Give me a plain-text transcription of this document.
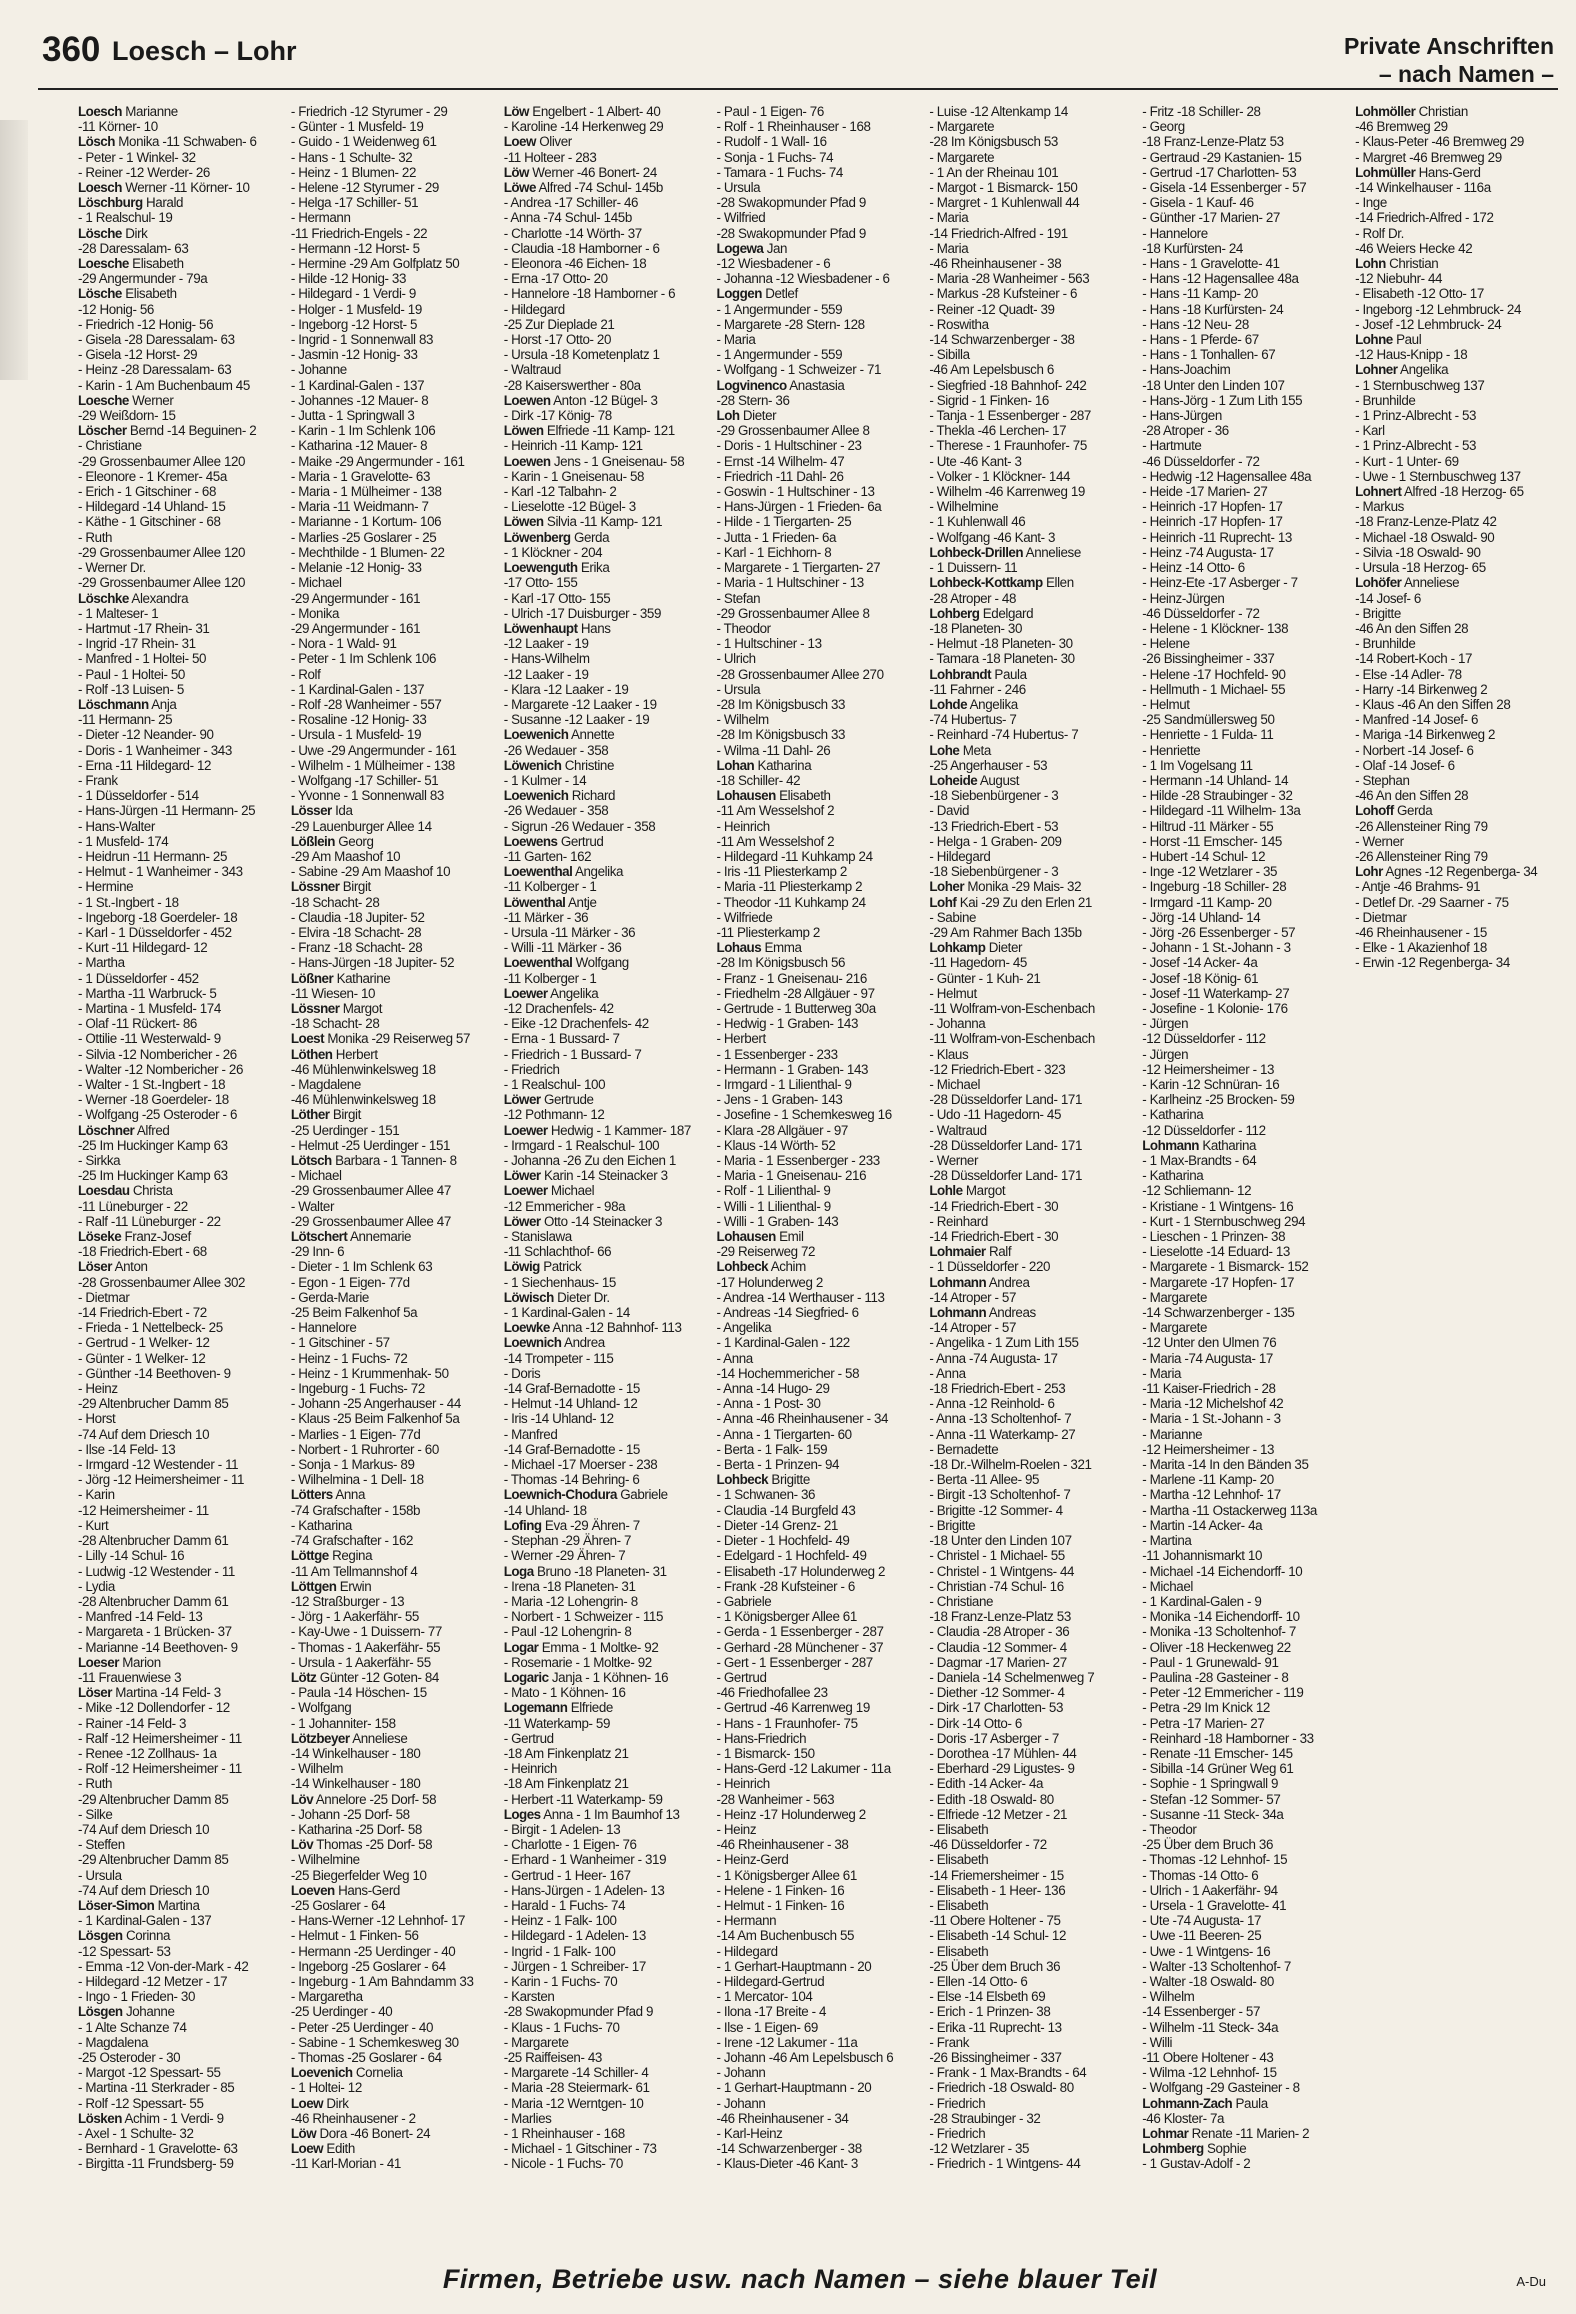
360 Loesch – Lohr	Private Anschriften
– nach Namen –
Loesch Marianne
-11 Körner- 10
Lösch Monika -11 Schwaben- 6
- Peter - 1 Winkel- 32
- Reiner -12 Werder- 26
Loesch Werner -11 Körner- 10
Löschburg Harald
- 1 Realschul- 19
Lösche Dirk
-28 Daressalam- 63
Loesche Elisabeth
-29 Angermunder - 79a
Lösche Elisabeth
-12 Honig- 56
- Friedrich -12 Honig- 56
- Gisela -28 Daressalam- 63
- Gisela -12 Horst- 29
- Heinz -28 Daressalam- 63
- Karin - 1 Am Buchenbaum 45
Loesche Werner
-29 Weißdorn- 15
Löscher Bernd -14 Beguinen- 2
- Christiane
-29 Grossenbaumer Allee 120
- Eleonore - 1 Kremer- 45a
- Erich - 1 Gitschiner - 68
- Hildegard -14 Uhland- 15
- Käthe - 1 Gitschiner - 68
- Ruth
-29 Grossenbaumer Allee 120
- Werner Dr.
-29 Grossenbaumer Allee 120
Löschke Alexandra
- 1 Malteser- 1
- Hartmut -17 Rhein- 31
- Ingrid -17 Rhein- 31
- Manfred - 1 Holtei- 50
- Paul - 1 Holtei- 50
- Rolf -13 Luisen- 5
Löschmann Anja
-11 Hermann- 25
- Dieter -12 Neander- 90
- Doris - 1 Wanheimer - 343
- Erna -11 Hildegard- 12
- Frank
- 1 Düsseldorfer - 514
- Hans-Jürgen -11 Hermann- 25
- Hans-Walter
- 1 Musfeld- 174
- Heidrun -11 Hermann- 25
- Helmut - 1 Wanheimer - 343
- Hermine
- 1 St.-Ingbert - 18
- Ingeborg -18 Goerdeler- 18
- Karl - 1 Düsseldorfer - 452
- Kurt -11 Hildegard- 12
- Martha
- 1 Düsseldorfer - 452
- Martha -11 Warbruck- 5
- Martina - 1 Musfeld- 174
- Olaf -11 Rückert- 86
- Ottilie -11 Westerwald- 9
- Silvia -12 Nombericher - 26
- Walter -12 Nombericher - 26
- Walter - 1 St.-Ingbert - 18
- Werner -18 Goerdeler- 18
- Wolfgang -25 Osteroder - 6
Löschner Alfred
-25 Im Huckinger Kamp 63
- Sirkka
-25 Im Huckinger Kamp 63
Loesdau Christa
-11 Lüneburger - 22
- Ralf -11 Lüneburger - 22
Löseke Franz-Josef
-18 Friedrich-Ebert - 68
Löser Anton
-28 Grossenbaumer Allee 302
- Dietmar
-14 Friedrich-Ebert - 72
- Frieda - 1 Nettelbeck- 25
- Gertrud - 1 Welker- 12
- Günter - 1 Welker- 12
- Günther -14 Beethoven- 9
- Heinz
-29 Altenbrucher Damm 85
- Horst
-74 Auf dem Driesch 10
- Ilse -14 Feld- 13
- Irmgard -12 Westender - 11
- Jörg -12 Heimersheimer - 11
- Karin
-12 Heimersheimer - 11
- Kurt
-28 Altenbrucher Damm 61
- Lilly -14 Schul- 16
- Ludwig -12 Westender - 11
- Lydia
-28 Altenbrucher Damm 61
- Manfred -14 Feld- 13
- Margareta - 1 Brücken- 37
- Marianne -14 Beethoven- 9
Loeser Marion
-11 Frauenwiese 3
Löser Martina -14 Feld- 3
- Mike -12 Dollendorfer - 12
- Rainer -14 Feld- 3
- Ralf -12 Heimersheimer - 11
- Renee -12 Zollhaus- 1a
- Rolf -12 Heimersheimer - 11
- Ruth
-29 Altenbrucher Damm 85
- Silke
-74 Auf dem Driesch 10
- Steffen
-29 Altenbrucher Damm 85
- Ursula
-74 Auf dem Driesch 10
Löser-Simon Martina
- 1 Kardinal-Galen - 137
Lösgen Corinna
-12 Spessart- 53
- Emma -12 Von-der-Mark - 42
- Hildegard -12 Metzer - 17
- Ingo - 1 Frieden- 30
Lösgen Johanne
- 1 Alte Schanze 74
- Magdalena
-25 Osteroder - 30
- Margot -12 Spessart- 55
- Martina -11 Sterkrader - 85
- Rolf -12 Spessart- 55
Lösken Achim - 1 Verdi- 9
- Axel - 1 Schulte- 32
- Bernhard - 1 Gravelotte- 63
- Birgitta -11 Frundsberg- 59
- Friedrich -12 Styrumer - 29
- Günter - 1 Musfeld- 19
- Guido - 1 Weidenweg 61
- Hans - 1 Schulte- 32
- Heinz - 1 Blumen- 22
- Helene -12 Styrumer - 29
- Helga -17 Schiller- 51
- Hermann
-11 Friedrich-Engels - 22
- Hermann -12 Horst- 5
- Hermine -29 Am Golfplatz 50
- Hilde -12 Honig- 33
- Hildegard - 1 Verdi- 9
- Holger - 1 Musfeld- 19
- Ingeborg -12 Horst- 5
- Ingrid - 1 Sonnenwall 83
- Jasmin -12 Honig- 33
- Johanne
- 1 Kardinal-Galen - 137
- Johannes -12 Mauer- 8
- Jutta - 1 Springwall 3
- Karin - 1 Im Schlenk 106
- Katharina -12 Mauer- 8
- Maike -29 Angermunder - 161
- Maria - 1 Gravelotte- 63
- Maria - 1 Mülheimer - 138
- Maria -11 Weidmann- 7
- Marianne - 1 Kortum- 106
- Marlies -25 Goslarer - 25
- Mechthilde - 1 Blumen- 22
- Melanie -12 Honig- 33
- Michael
-29 Angermunder - 161
- Monika
-29 Angermunder - 161
- Nora - 1 Wald- 91
- Peter - 1 Im Schlenk 106
- Rolf
- 1 Kardinal-Galen - 137
- Rolf -28 Wanheimer - 557
- Rosaline -12 Honig- 33
- Ursula - 1 Musfeld- 19
- Uwe -29 Angermunder - 161
- Wilhelm - 1 Mülheimer - 138
- Wolfgang -17 Schiller- 51
- Yvonne - 1 Sonnenwall 83
Lösser Ida
-29 Lauenburger Allee 14
Lößlein Georg
-29 Am Maashof 10
- Sabine -29 Am Maashof 10
Lössner Birgit
-18 Schacht- 28
- Claudia -18 Jupiter- 52
- Elvira -18 Schacht- 28
- Franz -18 Schacht- 28
- Hans-Jürgen -18 Jupiter- 52
Lößner Katharine
-11 Wiesen- 10
Lössner Margot
-18 Schacht- 28
Loest Monika -29 Reiserweg 57
Löthen Herbert
-46 Mühlenwinkelsweg 18
- Magdalene
-46 Mühlenwinkelsweg 18
Löther Birgit
-25 Uerdinger - 151
- Helmut -25 Uerdinger - 151
Lötsch Barbara - 1 Tannen- 8
- Michael
-29 Grossenbaumer Allee 47
- Walter
-29 Grossenbaumer Allee 47
Lötschert Annemarie
-29 Inn- 6
- Dieter - 1 Im Schlenk 63
- Egon - 1 Eigen- 77d
- Gerda-Marie
-25 Beim Falkenhof 5a
- Hannelore
- 1 Gitschiner - 57
- Heinz - 1 Fuchs- 72
- Heinz - 1 Krummenhak- 50
- Ingeburg - 1 Fuchs- 72
- Johann -25 Angerhauser - 44
- Klaus -25 Beim Falkenhof 5a
- Marlies - 1 Eigen- 77d
- Norbert - 1 Ruhrorter - 60
- Sonja - 1 Markus- 89
- Wilhelmina - 1 Dell- 18
Lötters Anna
-74 Grafschafter - 158b
- Katharina
-74 Grafschafter - 162
Löttge Regina
-11 Am Tellmannshof 4
Löttgen Erwin
-12 Straßburger - 13
- Jörg - 1 Aakerfähr- 55
- Kay-Uwe - 1 Duissern- 77
- Thomas - 1 Aakerfähr- 55
- Ursula - 1 Aakerfähr- 55
Lötz Günter -12 Goten- 84
- Paula -14 Höschen- 15
- Wolfgang
- 1 Johanniter- 158
Lötzbeyer Anneliese
-14 Winkelhauser - 180
- Wilhelm
-14 Winkelhauser - 180
Löv Annelore -25 Dorf- 58
- Johann -25 Dorf- 58
- Katharina -25 Dorf- 58
Löv Thomas -25 Dorf- 58
- Wilhelmine
-25 Biegerfelder Weg 10
Loeven Hans-Gerd
-25 Goslarer - 64
- Hans-Werner -12 Lehnhof- 17
- Helmut - 1 Finken- 56
- Hermann -25 Uerdinger - 40
- Ingeborg -25 Goslarer - 64
- Ingeburg - 1 Am Bahndamm 33
- Margaretha
-25 Uerdinger - 40
- Peter -25 Uerdinger - 40
- Sabine - 1 Schemkesweg 30
- Thomas -25 Goslarer - 64
Loevenich Cornelia
- 1 Holtei- 12
Loew Dirk
-46 Rheinhausener - 2
Löw Dora -46 Bonert- 24
Loew Edith
-11 Karl-Morian - 41
Löw Engelbert - 1 Albert- 40
- Karoline -14 Herkenweg 29
Loew Oliver
-11 Holteer - 283
Löw Werner -46 Bonert- 24
Löwe Alfred -74 Schul- 145b
- Andrea -17 Schiller- 46
- Anna -74 Schul- 145b
- Charlotte -14 Wörth- 37
- Claudia -18 Hamborner - 6
- Eleonora -46 Eichen- 18
- Erna -17 Otto- 20
- Hannelore -18 Hamborner - 6
- Hildegard
-25 Zur Dieplade 21
- Horst -17 Otto- 20
- Ursula -18 Kometenplatz 1
- Waltraud
-28 Kaiserswerther - 80a
Loewen Anton -12 Bügel- 3
- Dirk -17 König- 78
Löwen Elfriede -11 Kamp- 121
- Heinrich -11 Kamp- 121
Loewen Jens - 1 Gneisenau- 58
- Karin - 1 Gneisenau- 58
- Karl -12 Talbahn- 2
- Lieselotte -12 Bügel- 3
Löwen Silvia -11 Kamp- 121
Löwenberg Gerda
- 1 Klöckner - 204
Loewenguth Erika
-17 Otto- 155
- Karl -17 Otto- 155
- Ulrich -17 Duisburger - 359
Löwenhaupt Hans
-12 Laaker - 19
- Hans-Wilhelm
-12 Laaker - 19
- Klara -12 Laaker - 19
- Margarete -12 Laaker - 19
- Susanne -12 Laaker - 19
Loewenich Annette
-26 Wedauer - 358
Löwenich Christine
- 1 Kulmer - 14
Loewenich Richard
-26 Wedauer - 358
- Sigrun -26 Wedauer - 358
Loewens Gertrud
-11 Garten- 162
Loewenthal Angelika
-11 Kolberger - 1
Löwenthal Antje
-11 Märker - 36
- Ursula -11 Märker - 36
- Willi -11 Märker - 36
Loewenthal Wolfgang
-11 Kolberger - 1
Loewer Angelika
-12 Drachenfels- 42
- Eike -12 Drachenfels- 42
- Erna - 1 Bussard- 7
- Friedrich - 1 Bussard- 7
- Friedrich
- 1 Realschul- 100
Löwer Gertrude
-12 Pothmann- 12
Loewer Hedwig - 1 Kammer- 187
- Irmgard - 1 Realschul- 100
- Johanna -26 Zu den Eichen 1
Löwer Karin -14 Steinacker 3
Loewer Michael
-12 Emmericher - 98a
Löwer Otto -14 Steinacker 3
- Stanislawa
-11 Schlachthof- 66
Löwig Patrick
- 1 Siechenhaus- 15
Löwisch Dieter Dr.
- 1 Kardinal-Galen - 14
Loewke Anna -12 Bahnhof- 113
Loewnich Andrea
-14 Trompeter - 115
- Doris
-14 Graf-Bernadotte - 15
- Helmut -14 Uhland- 12
- Iris -14 Uhland- 12
- Manfred
-14 Graf-Bernadotte - 15
- Michael -17 Moerser - 238
- Thomas -14 Behring- 6
Loewnich-Chodura Gabriele
-14 Uhland- 18
Lofing Eva -29 Ähren- 7
- Stephan -29 Ähren- 7
- Werner -29 Ähren- 7
Loga Bruno -18 Planeten- 31
- Irena -18 Planeten- 31
- Maria -12 Lohengrin- 8
- Norbert - 1 Schweizer - 115
- Paul -12 Lohengrin- 8
Logar Emma - 1 Moltke- 92
- Rosemarie - 1 Moltke- 92
Logaric Janja - 1 Köhnen- 16
- Mato - 1 Köhnen- 16
Logemann Elfriede
-11 Waterkamp- 59
- Gertrud
-18 Am Finkenplatz 21
- Heinrich
-18 Am Finkenplatz 21
- Herbert -11 Waterkamp- 59
Loges Anna - 1 Im Baumhof 13
- Birgit - 1 Adelen- 13
- Charlotte - 1 Eigen- 76
- Erhard - 1 Wanheimer - 319
- Gertrud - 1 Heer- 167
- Hans-Jürgen - 1 Adelen- 13
- Harald - 1 Fuchs- 74
- Heinz - 1 Falk- 100
- Hildegard - 1 Adelen- 13
- Ingrid - 1 Falk- 100
- Jürgen - 1 Schreiber- 17
- Karin - 1 Fuchs- 70
- Karsten
-28 Swakopmunder Pfad 9
- Klaus - 1 Fuchs- 70
- Margarete
-25 Raiffeisen- 43
- Margarete -14 Schiller- 4
- Maria -28 Steiermark- 61
- Maria -12 Werntgen- 10
- Marlies
- 1 Rheinhauser - 168
- Michael - 1 Gitschiner - 73
- Nicole - 1 Fuchs- 70
- Paul - 1 Eigen- 76
- Rolf - 1 Rheinhauser - 168
- Rudolf - 1 Wall- 16
- Sonja - 1 Fuchs- 74
- Tamara - 1 Fuchs- 74
- Ursula
-28 Swakopmunder Pfad 9
- Wilfried
-28 Swakopmunder Pfad 9
Logewa Jan
-12 Wiesbadener - 6
- Johanna -12 Wiesbadener - 6
Loggen Detlef
- 1 Angermunder - 559
- Margarete -28 Stern- 128
- Maria
- 1 Angermunder - 559
- Wolfgang - 1 Schweizer - 71
Logvinenco Anastasia
-28 Stern- 36
Loh Dieter
-29 Grossenbaumer Allee 8
- Doris - 1 Hultschiner - 23
- Ernst -14 Wilhelm- 47
- Friedrich -11 Dahl- 26
- Goswin - 1 Hultschiner - 13
- Hans-Jürgen - 1 Frieden- 6a
- Hilde - 1 Tiergarten- 25
- Jutta - 1 Frieden- 6a
- Karl - 1 Eichhorn- 8
- Margarete - 1 Tiergarten- 27
- Maria - 1 Hultschiner - 13
- Stefan
-29 Grossenbaumer Allee 8
- Theodor
- 1 Hultschiner - 13
- Ulrich
-28 Grossenbaumer Allee 270
- Ursula
-28 Im Königsbusch 33
- Wilhelm
-28 Im Königsbusch 33
- Wilma -11 Dahl- 26
Lohan Katharina
-18 Schiller- 42
Lohausen Elisabeth
-11 Am Wesselshof 2
- Heinrich
-11 Am Wesselshof 2
- Hildegard -11 Kuhkamp 24
- Iris -11 Pliesterkamp 2
- Maria -11 Pliesterkamp 2
- Theodor -11 Kuhkamp 24
- Wilfriede
-11 Pliesterkamp 2
Lohaus Emma
-28 Im Königsbusch 56
- Franz - 1 Gneisenau- 216
- Friedhelm -28 Allgäuer - 97
- Gertrude - 1 Butterweg 30a
- Hedwig - 1 Graben- 143
- Herbert
- 1 Essenberger - 233
- Hermann - 1 Graben- 143
- Irmgard - 1 Lilienthal- 9
- Jens - 1 Graben- 143
- Josefine - 1 Schemkesweg 16
- Klara -28 Allgäuer - 97
- Klaus -14 Wörth- 52
- Maria - 1 Essenberger - 233
- Maria - 1 Gneisenau- 216
- Rolf - 1 Lilienthal- 9
- Willi - 1 Lilienthal- 9
- Willi - 1 Graben- 143
Lohausen Emil
-29 Reiserweg 72
Lohbeck Achim
-17 Holunderweg 2
- Andrea -14 Werthauser - 113
- Andreas -14 Siegfried- 6
- Angelika
- 1 Kardinal-Galen - 122
- Anna
-14 Hochemmericher - 58
- Anna -14 Hugo- 29
- Anna - 1 Post- 30
- Anna -46 Rheinhausener - 34
- Anna - 1 Tiergarten- 60
- Berta - 1 Falk- 159
- Berta - 1 Prinzen- 94
Lohbeck Brigitte
- 1 Schwanen- 36
- Claudia -14 Burgfeld 43
- Dieter -14 Grenz- 21
- Dieter - 1 Hochfeld- 49
- Edelgard - 1 Hochfeld- 49
- Elisabeth -17 Holunderweg 2
- Frank -28 Kufsteiner - 6
- Gabriele
- 1 Königsberger Allee 61
- Gerda - 1 Essenberger - 287
- Gerhard -28 Münchener - 37
- Gert - 1 Essenberger - 287
- Gertrud
-46 Friedhofallee 23
- Gertrud -46 Karrenweg 19
- Hans - 1 Fraunhofer- 75
- Hans-Friedrich
- 1 Bismarck- 150
- Hans-Gerd -12 Lakumer - 11a
- Heinrich
-28 Wanheimer - 563
- Heinz -17 Holunderweg 2
- Heinz
-46 Rheinhausener - 38
- Heinz-Gerd
- 1 Königsberger Allee 61
- Helene - 1 Finken- 16
- Helmut - 1 Finken- 16
- Hermann
-14 Am Buchenbusch 55
- Hildegard
- 1 Gerhart-Hauptmann - 20
- Hildegard-Gertrud
- 1 Mercator- 104
- Ilona -17 Breite - 4
- Ilse - 1 Eigen- 69
- Irene -12 Lakumer - 11a
- Johann -46 Am Lepelsbusch 6
- Johann
- 1 Gerhart-Hauptmann - 20
- Johann
-46 Rheinhausener - 34
- Karl-Heinz
-14 Schwarzenberger - 38
- Klaus-Dieter -46 Kant- 3
- Luise -12 Altenkamp 14
- Margarete
-28 Im Königsbusch 53
- Margarete
- 1 An der Rheinau 101
- Margot - 1 Bismarck- 150
- Margret - 1 Kuhlenwall 44
- Maria
-14 Friedrich-Alfred - 191
- Maria
-46 Rheinhausener - 38
- Maria -28 Wanheimer - 563
- Markus -28 Kufsteiner - 6
- Reiner -12 Quadt- 39
- Roswitha
-14 Schwarzenberger - 38
- Sibilla
-46 Am Lepelsbusch 6
- Siegfried -18 Bahnhof- 242
- Sigrid - 1 Finken- 16
- Tanja - 1 Essenberger - 287
- Thekla -46 Lerchen- 17
- Therese - 1 Fraunhofer- 75
- Ute -46 Kant- 3
- Volker - 1 Klöckner- 144
- Wilhelm -46 Karrenweg 19
- Wilhelmine
- 1 Kuhlenwall 46
- Wolfgang -46 Kant- 3
Lohbeck-Drillen Anneliese
- 1 Duissern- 11
Lohbeck-Kottkamp Ellen
-28 Atroper - 48
Lohberg Edelgard
-18 Planeten- 30
- Helmut -18 Planeten- 30
- Tamara -18 Planeten- 30
Lohbrandt Paula
-11 Fahrner - 246
Lohde Angelika
-74 Hubertus- 7
- Reinhard -74 Hubertus- 7
Lohe Meta
-25 Angerhauser - 53
Loheide August
-18 Siebenbürgener - 3
- David
-13 Friedrich-Ebert - 53
- Helga - 1 Graben- 209
- Hildegard
-18 Siebenbürgener - 3
Loher Monika -29 Mais- 32
Lohf Kai -29 Zu den Erlen 21
- Sabine
-29 Am Rahmer Bach 135b
Lohkamp Dieter
-11 Hagedorn- 45
- Günter - 1 Kuh- 21
- Helmut
-11 Wolfram-von-Eschenbach
- Johanna
-11 Wolfram-von-Eschenbach
- Klaus
-12 Friedrich-Ebert - 323
- Michael
-28 Düsseldorfer Land- 171
- Udo -11 Hagedorn- 45
- Waltraud
-28 Düsseldorfer Land- 171
- Werner
-28 Düsseldorfer Land- 171
Lohle Margot
-14 Friedrich-Ebert - 30
- Reinhard
-14 Friedrich-Ebert - 30
Lohmaier Ralf
- 1 Düsseldorfer - 220
Lohmann Andrea
-14 Atroper - 57
Lohmann Andreas
-14 Atroper - 57
- Angelika - 1 Zum Lith 155
- Anna -74 Augusta- 17
- Anna
-18 Friedrich-Ebert - 253
- Anna -12 Reinhold- 6
- Anna -13 Scholtenhof- 7
- Anna -11 Waterkamp- 27
- Bernadette
-18 Dr.-Wilhelm-Roelen - 321
- Berta -11 Allee- 95
- Birgit -13 Scholtenhof- 7
- Brigitte -12 Sommer- 4
- Brigitte
-18 Unter den Linden 107
- Christel - 1 Michael- 55
- Christel - 1 Wintgens- 44
- Christian -74 Schul- 16
- Christiane
-18 Franz-Lenze-Platz 53
- Claudia -28 Atroper - 36
- Claudia -12 Sommer- 4
- Dagmar -17 Marien- 27
- Daniela -14 Schelmenweg 7
- Diether -12 Sommer- 4
- Dirk -17 Charlotten- 53
- Dirk -14 Otto- 6
- Doris -17 Asberger - 7
- Dorothea -17 Mühlen- 44
- Eberhard -29 Ligustes- 9
- Edith -14 Acker- 4a
- Edith -18 Oswald- 80
- Elfriede -12 Metzer - 21
- Elisabeth
-46 Düsseldorfer - 72
- Elisabeth
-14 Friemersheimer - 15
- Elisabeth - 1 Heer- 136
- Elisabeth
-11 Obere Holtener - 75
- Elisabeth -14 Schul- 12
- Elisabeth
-25 Über dem Bruch 36
- Ellen -14 Otto- 6
- Else -14 Elsbeth 69
- Erich - 1 Prinzen- 38
- Erika -11 Ruprecht- 13
- Frank
-26 Bissingheimer - 337
- Frank - 1 Max-Brandts - 64
- Friedrich -18 Oswald- 80
- Friedrich
-28 Straubinger - 32
- Friedrich
-12 Wetzlarer - 35
- Friedrich - 1 Wintgens- 44
- Fritz -18 Schiller- 28
- Georg
-18 Franz-Lenze-Platz 53
- Gertraud -29 Kastanien- 15
- Gertrud -17 Charlotten- 53
- Gisela -14 Essenberger - 57
- Gisela - 1 Kauf- 46
- Günther -17 Marien- 27
- Hannelore
-18 Kurfürsten- 24
- Hans - 1 Gravelotte- 41
- Hans -12 Hagensallee 48a
- Hans -11 Kamp- 20
- Hans -18 Kurfürsten- 24
- Hans -12 Neu- 28
- Hans - 1 Pferde- 67
- Hans - 1 Tonhallen- 67
- Hans-Joachim
-18 Unter den Linden 107
- Hans-Jörg - 1 Zum Lith 155
- Hans-Jürgen
-28 Atroper - 36
- Hartmute
-46 Düsseldorfer - 72
- Hedwig -12 Hagensallee 48a
- Heide -17 Marien- 27
- Heinrich -17 Hopfen- 17
- Heinrich -17 Hopfen- 17
- Heinrich -11 Ruprecht- 13
- Heinz -74 Augusta- 17
- Heinz -14 Otto- 6
- Heinz-Ete -17 Asberger - 7
- Heinz-Jürgen
-46 Düsseldorfer - 72
- Helene - 1 Klöckner- 138
- Helene
-26 Bissingheimer - 337
- Helene -17 Hochfeld- 90
- Hellmuth - 1 Michael- 55
- Helmut
-25 Sandmüllersweg 50
- Henriette - 1 Fulda- 11
- Henriette
- 1 Im Vogelsang 11
- Hermann -14 Uhland- 14
- Hilde -28 Straubinger - 32
- Hildegard -11 Wilhelm- 13a
- Hiltrud -11 Märker - 55
- Horst -11 Emscher- 145
- Hubert -14 Schul- 12
- Inge -12 Wetzlarer - 35
- Ingeburg -18 Schiller- 28
- Irmgard -11 Kamp- 20
- Jörg -14 Uhland- 14
- Jörg -26 Essenberger - 57
- Johann - 1 St.-Johann - 3
- Josef -14 Acker- 4a
- Josef -18 König- 61
- Josef -11 Waterkamp- 27
- Josefine - 1 Kolonie- 176
- Jürgen
-12 Düsseldorfer - 112
- Jürgen
-12 Heimersheimer - 13
- Karin -12 Schnüran- 16
- Karlheinz -25 Brocken- 59
- Katharina
-12 Düsseldorfer - 112
Lohmann Katharina
- 1 Max-Brandts - 64
- Katharina
-12 Schliemann- 12
- Kristiane - 1 Wintgens- 16
- Kurt - 1 Sternbuschweg 294
- Lieschen - 1 Prinzen- 38
- Lieselotte -14 Eduard- 13
- Margarete - 1 Bismarck- 152
- Margarete -17 Hopfen- 17
- Margarete
-14 Schwarzenberger - 135
- Margarete
-12 Unter den Ulmen 76
- Maria -74 Augusta- 17
- Maria
-11 Kaiser-Friedrich - 28
- Maria -12 Michelshof 42
- Maria - 1 St.-Johann - 3
- Marianne
-12 Heimersheimer - 13
- Marita -14 In den Bänden 35
- Marlene -11 Kamp- 20
- Martha -12 Lehnhof- 17
- Martha -11 Ostackerweg 113a
- Martin -14 Acker- 4a
- Martina
-11 Johannismarkt 10
- Michael -14 Eichendorff- 10
- Michael
- 1 Kardinal-Galen - 9
- Monika -14 Eichendorff- 10
- Monika -13 Scholtenhof- 7
- Oliver -18 Heckenweg 22
- Paul - 1 Grunewald- 91
- Paulina -28 Gasteiner - 8
- Peter -12 Emmericher - 119
- Petra -29 Im Knick 12
- Petra -17 Marien- 27
- Reinhard -18 Hamborner - 33
- Renate -11 Emscher- 145
- Sibilla -14 Grüner Weg 61
- Sophie - 1 Springwall 9
- Stefan -12 Sommer- 57
- Susanne -11 Steck- 34a
- Theodor
-25 Über dem Bruch 36
- Thomas -12 Lehnhof- 15
- Thomas -14 Otto- 6
- Ulrich - 1 Aakerfähr- 94
- Ursela - 1 Gravelotte- 41
- Ute -74 Augusta- 17
- Uwe -11 Beeren- 25
- Uwe - 1 Wintgens- 16
- Walter -13 Scholtenhof- 7
- Walter -18 Oswald- 80
- Wilhelm
-14 Essenberger - 57
- Wilhelm -11 Steck- 34a
- Willi
-11 Obere Holtener - 43
- Wilma -12 Lehnhof- 15
- Wolfgang -29 Gasteiner - 8
Lohmann-Zach Paula
-46 Kloster- 7a
Lohmar Renate -11 Marien- 2
Lohmberg Sophie
- 1 Gustav-Adolf - 2
Lohmöller Christian
-46 Bremweg 29
- Klaus-Peter -46 Bremweg 29
- Margret -46 Bremweg 29
Lohmüller Hans-Gerd
-14 Winkelhauser - 116a
- Inge
-14 Friedrich-Alfred - 172
- Rolf Dr.
-46 Weiers Hecke 42
Lohn Christian
-12 Niebuhr- 44
- Elisabeth -12 Otto- 17
- Ingeborg -12 Lehmbruck- 24
- Josef -12 Lehmbruck- 24
Lohne Paul
-12 Haus-Knipp - 18
Lohner Angelika
- 1 Sternbuschweg 137
- Brunhilde
- 1 Prinz-Albrecht - 53
- Karl
- 1 Prinz-Albrecht - 53
- Kurt - 1 Unter- 69
- Uwe - 1 Sternbuschweg 137
Lohnert Alfred -18 Herzog- 65
- Markus
-18 Franz-Lenze-Platz 42
- Michael -18 Oswald- 90
- Silvia -18 Oswald- 90
- Ursula -18 Herzog- 65
Lohöfer Anneliese
-14 Josef- 6
- Brigitte
-46 An den Siffen 28
- Brunhilde
-14 Robert-Koch - 17
- Else -14 Adler- 78
- Harry -14 Birkenweg 2
- Klaus -46 An den Siffen 28
- Manfred -14 Josef- 6
- Mariga -14 Birkenweg 2
- Norbert -14 Josef- 6
- Olaf -14 Josef- 6
- Stephan
-46 An den Siffen 28
Lohoff Gerda
-26 Allensteiner Ring 79
- Werner
-26 Allensteiner Ring 79
Lohr Agnes -12 Regenberga- 34
- Antje -46 Brahms- 91
- Detlef Dr. -29 Saarner - 75
- Dietmar
-46 Rheinhausener - 15
- Elke - 1 Akazienhof 18
- Erwin -12 Regenberga- 34
Firmen, Betriebe usw. nach Namen – siehe blauer Teil	A-Du
